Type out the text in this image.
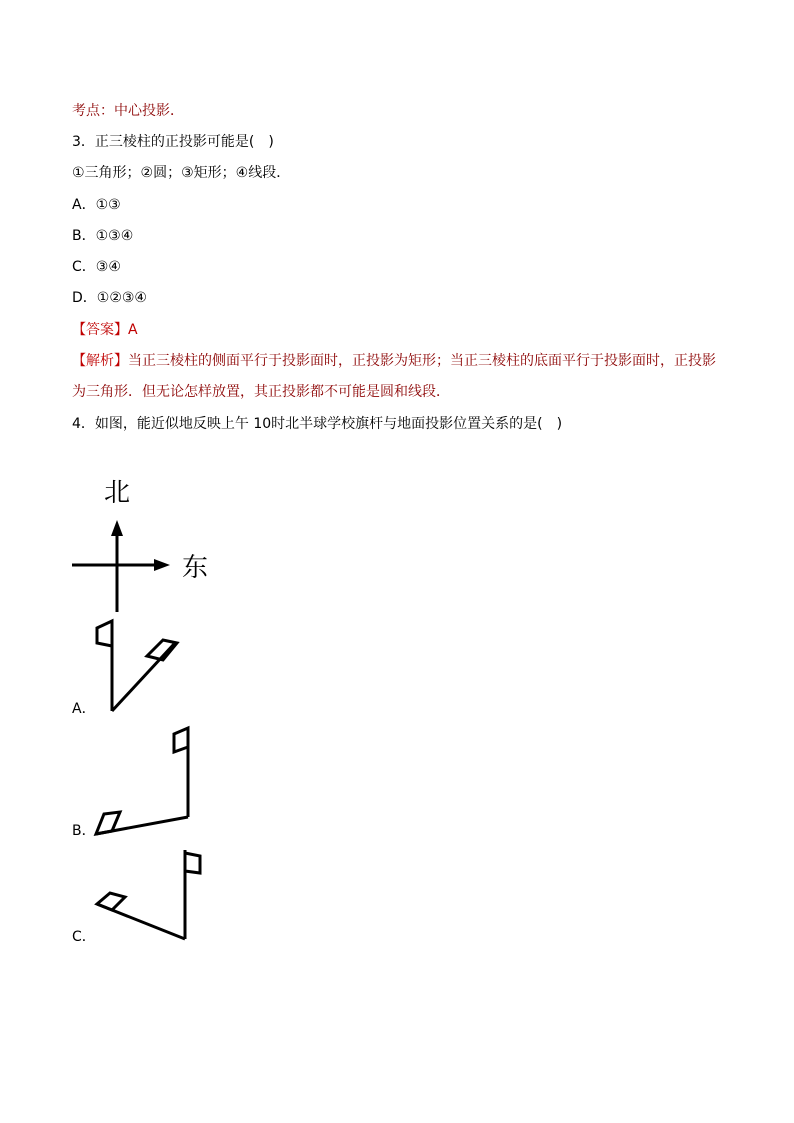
考点：中心投影．
3．正三棱柱的正投影可能是(　)
①三角形；②圆；③矩形；④线段．
A．①③
B．①③④
C．③④
D．①②③④
【答案】A
【解析】当正三棱柱的侧面平行于投影面时，正投影为矩形；当正三棱柱的底面平行于投影面时，正投影
为三角形．但无论怎样放置，其正投影都不可能是圆和线段．
4．如图，能近似地反映上午 10时北半球学校旗杆与地面投影位置关系的是(　)
北
东
A．
B．
C．
